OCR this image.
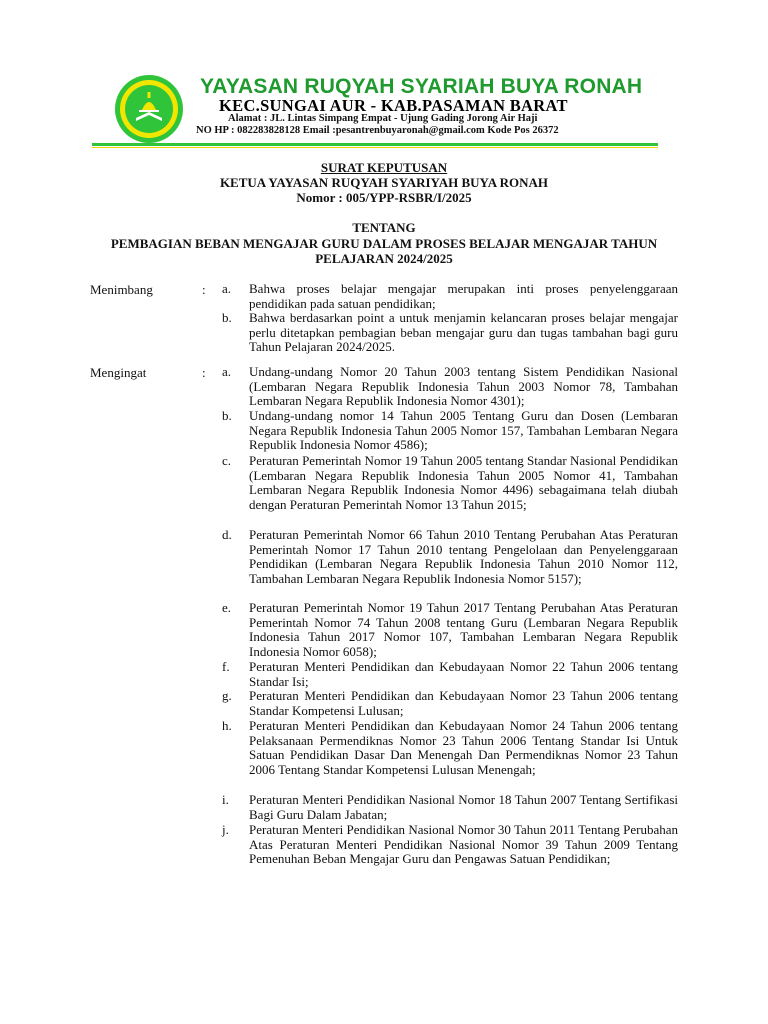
YAYASAN RUQYAH SYARIAH BUYA RONAH
KEC.SUNGAI AUR - KAB.PASAMAN BARAT
Alamat : JL. Lintas Simpang Empat - Ujung Gading Jorong Air Haji
NO HP : 082283828128 Email :pesantrenbuyaronah@gmail.com Kode Pos 26372
SURAT KEPUTUSAN
KETUA YAYASAN RUQYAH SYARIYAH BUYA RONAH
Nomor : 005/YPP-RSBR/I/2025
TENTANG
PEMBAGIAN BEBAN MENGAJAR GURU DALAM PROSES BELAJAR MENGAJAR TAHUN
PELAJARAN 2024/2025
Menimbang	: a.	Bahwa proses belajar mengajar merupakan inti proses penyelenggaraan pendidikan pada satuan pendidikan;
b.	Bahwa berdasarkan point a untuk menjamin kelancaran proses belajar mengajar perlu ditetapkan pembagian beban mengajar guru dan tugas tambahan bagi guru Tahun Pelajaran 2024/2025.
Mengingat	: a.	Undang-undang Nomor 20 Tahun 2003 tentang Sistem Pendidikan Nasional (Lembaran Negara Republik Indonesia Tahun 2003 Nomor 78, Tambahan Lembaran Negara Republik Indonesia Nomor 4301);
b.	Undang-undang nomor 14 Tahun 2005 Tentang Guru dan Dosen (Lembaran Negara Republik Indonesia Tahun 2005 Nomor 157, Tambahan Lembaran Negara Republik Indonesia Nomor 4586);
c.	Peraturan Pemerintah Nomor 19 Tahun 2005 tentang Standar Nasional Pendidikan (Lembaran Negara Republik Indonesia Tahun 2005 Nomor 41, Tambahan Lembaran Negara Republik Indonesia Nomor 4496) sebagaimana telah diubah dengan Peraturan Pemerintah Nomor 13 Tahun 2015;
d.	Peraturan Pemerintah Nomor 66 Tahun 2010 Tentang Perubahan Atas Peraturan Pemerintah Nomor 17 Tahun 2010 tentang Pengelolaan dan Penyelenggaraan Pendidikan (Lembaran Negara Republik Indonesia Tahun 2010 Nomor 112, Tambahan Lembaran Negara Republik Indonesia Nomor 5157);
e.	Peraturan Pemerintah Nomor 19 Tahun 2017 Tentang Perubahan Atas Peraturan Pemerintah Nomor 74 Tahun 2008 tentang Guru (Lembaran Negara Republik Indonesia Tahun 2017 Nomor 107, Tambahan Lembaran Negara Republik Indonesia Nomor 6058);
f.	Peraturan Menteri Pendidikan dan Kebudayaan Nomor 22 Tahun 2006 tentang Standar Isi;
g.	Peraturan Menteri Pendidikan dan Kebudayaan Nomor 23 Tahun 2006 tentang Standar Kompetensi Lulusan;
h.	Peraturan Menteri Pendidikan dan Kebudayaan Nomor 24 Tahun 2006 tentang Pelaksanaan Permendiknas Nomor 23 Tahun 2006 Tentang Standar Isi Untuk Satuan Pendidikan Dasar Dan Menengah Dan Permendiknas Nomor 23 Tahun 2006 Tentang Standar Kompetensi Lulusan Menengah;
i.	Peraturan Menteri Pendidikan Nasional Nomor 18 Tahun 2007 Tentang Sertifikasi Bagi Guru Dalam Jabatan;
j.	Peraturan Menteri Pendidikan Nasional Nomor 30 Tahun 2011 Tentang Perubahan Atas Peraturan Menteri Pendidikan Nasional Nomor 39 Tahun 2009 Tentang Pemenuhan Beban Mengajar Guru dan Pengawas Satuan Pendidikan;
